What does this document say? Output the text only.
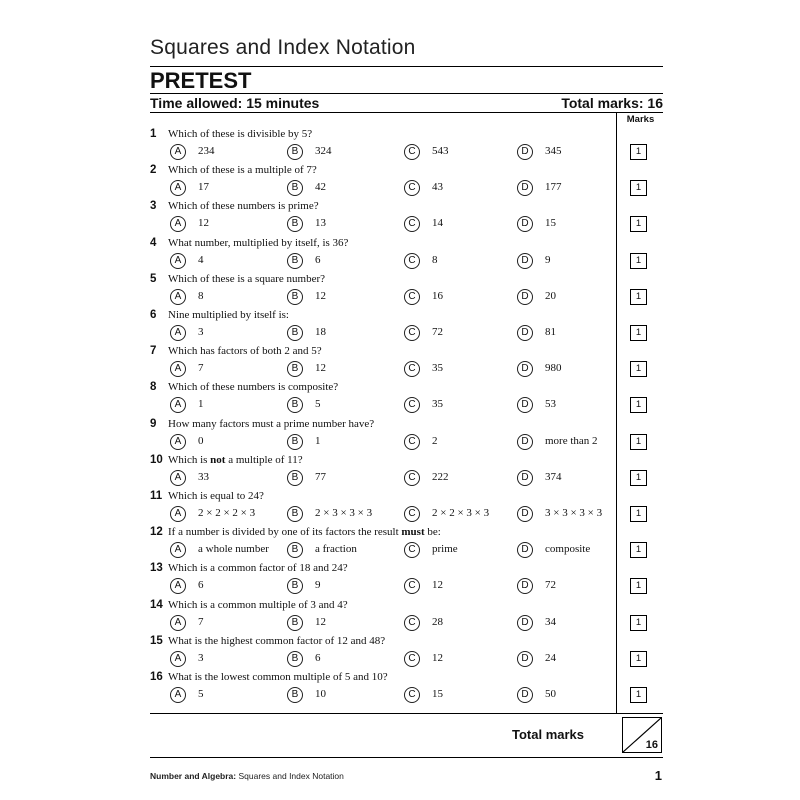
Squares and Index Notation
PRETEST
Time allowed: 15 minutes	Total marks: 16
Marks
1 Which of these is divisible by 5?
A	234	B	324	C	543	D	345	1
2 Which of these is a multiple of 7?
A	17	B	42	C	43	D	177	1
3 Which of these numbers is prime?
A	12	B	13	C	14	D	15	1
4 What number, multiplied by itself, is 36?
A	4	B	6	C	8	D	9	1
5 Which of these is a square number?
A	8	B	12	C	16	D	20	1
6 Nine multiplied by itself is:
A	3	B	18	C	72	D	81	1
7 Which has factors of both 2 and 5?
A	7	B	12	C	35	D	980	1
8 Which of these numbers is composite?
A	1	B	5	C	35	D	53	1
9 How many factors must a prime number have?
A	0	B	1	C	2	D	more than 2	1
10 Which is not a multiple of 11?
A	33	B	77	C	222	D	374	1
11 Which is equal to 24?
A	2 × 2 × 2 × 3	B	2 × 3 × 3 × 3	C	2 × 2 × 3 × 3	D	3 × 3 × 3 × 3	1
12 If a number is divided by one of its factors the result must be:
A	a whole number	B	a fraction	C	prime	D	composite	1
13 Which is a common factor of 18 and 24?
A	6	B	9	C	12	D	72	1
14 Which is a common multiple of 3 and 4?
A	7	B	12	C	28	D	34	1
15 What is the highest common factor of 12 and 48?
A	3	B	6	C	12	D	24	1
16 What is the lowest common multiple of 5 and 10?
A	5	B	10	C	15	D	50	1
Total marks
16
Number and Algebra: Squares and Index Notation	1
